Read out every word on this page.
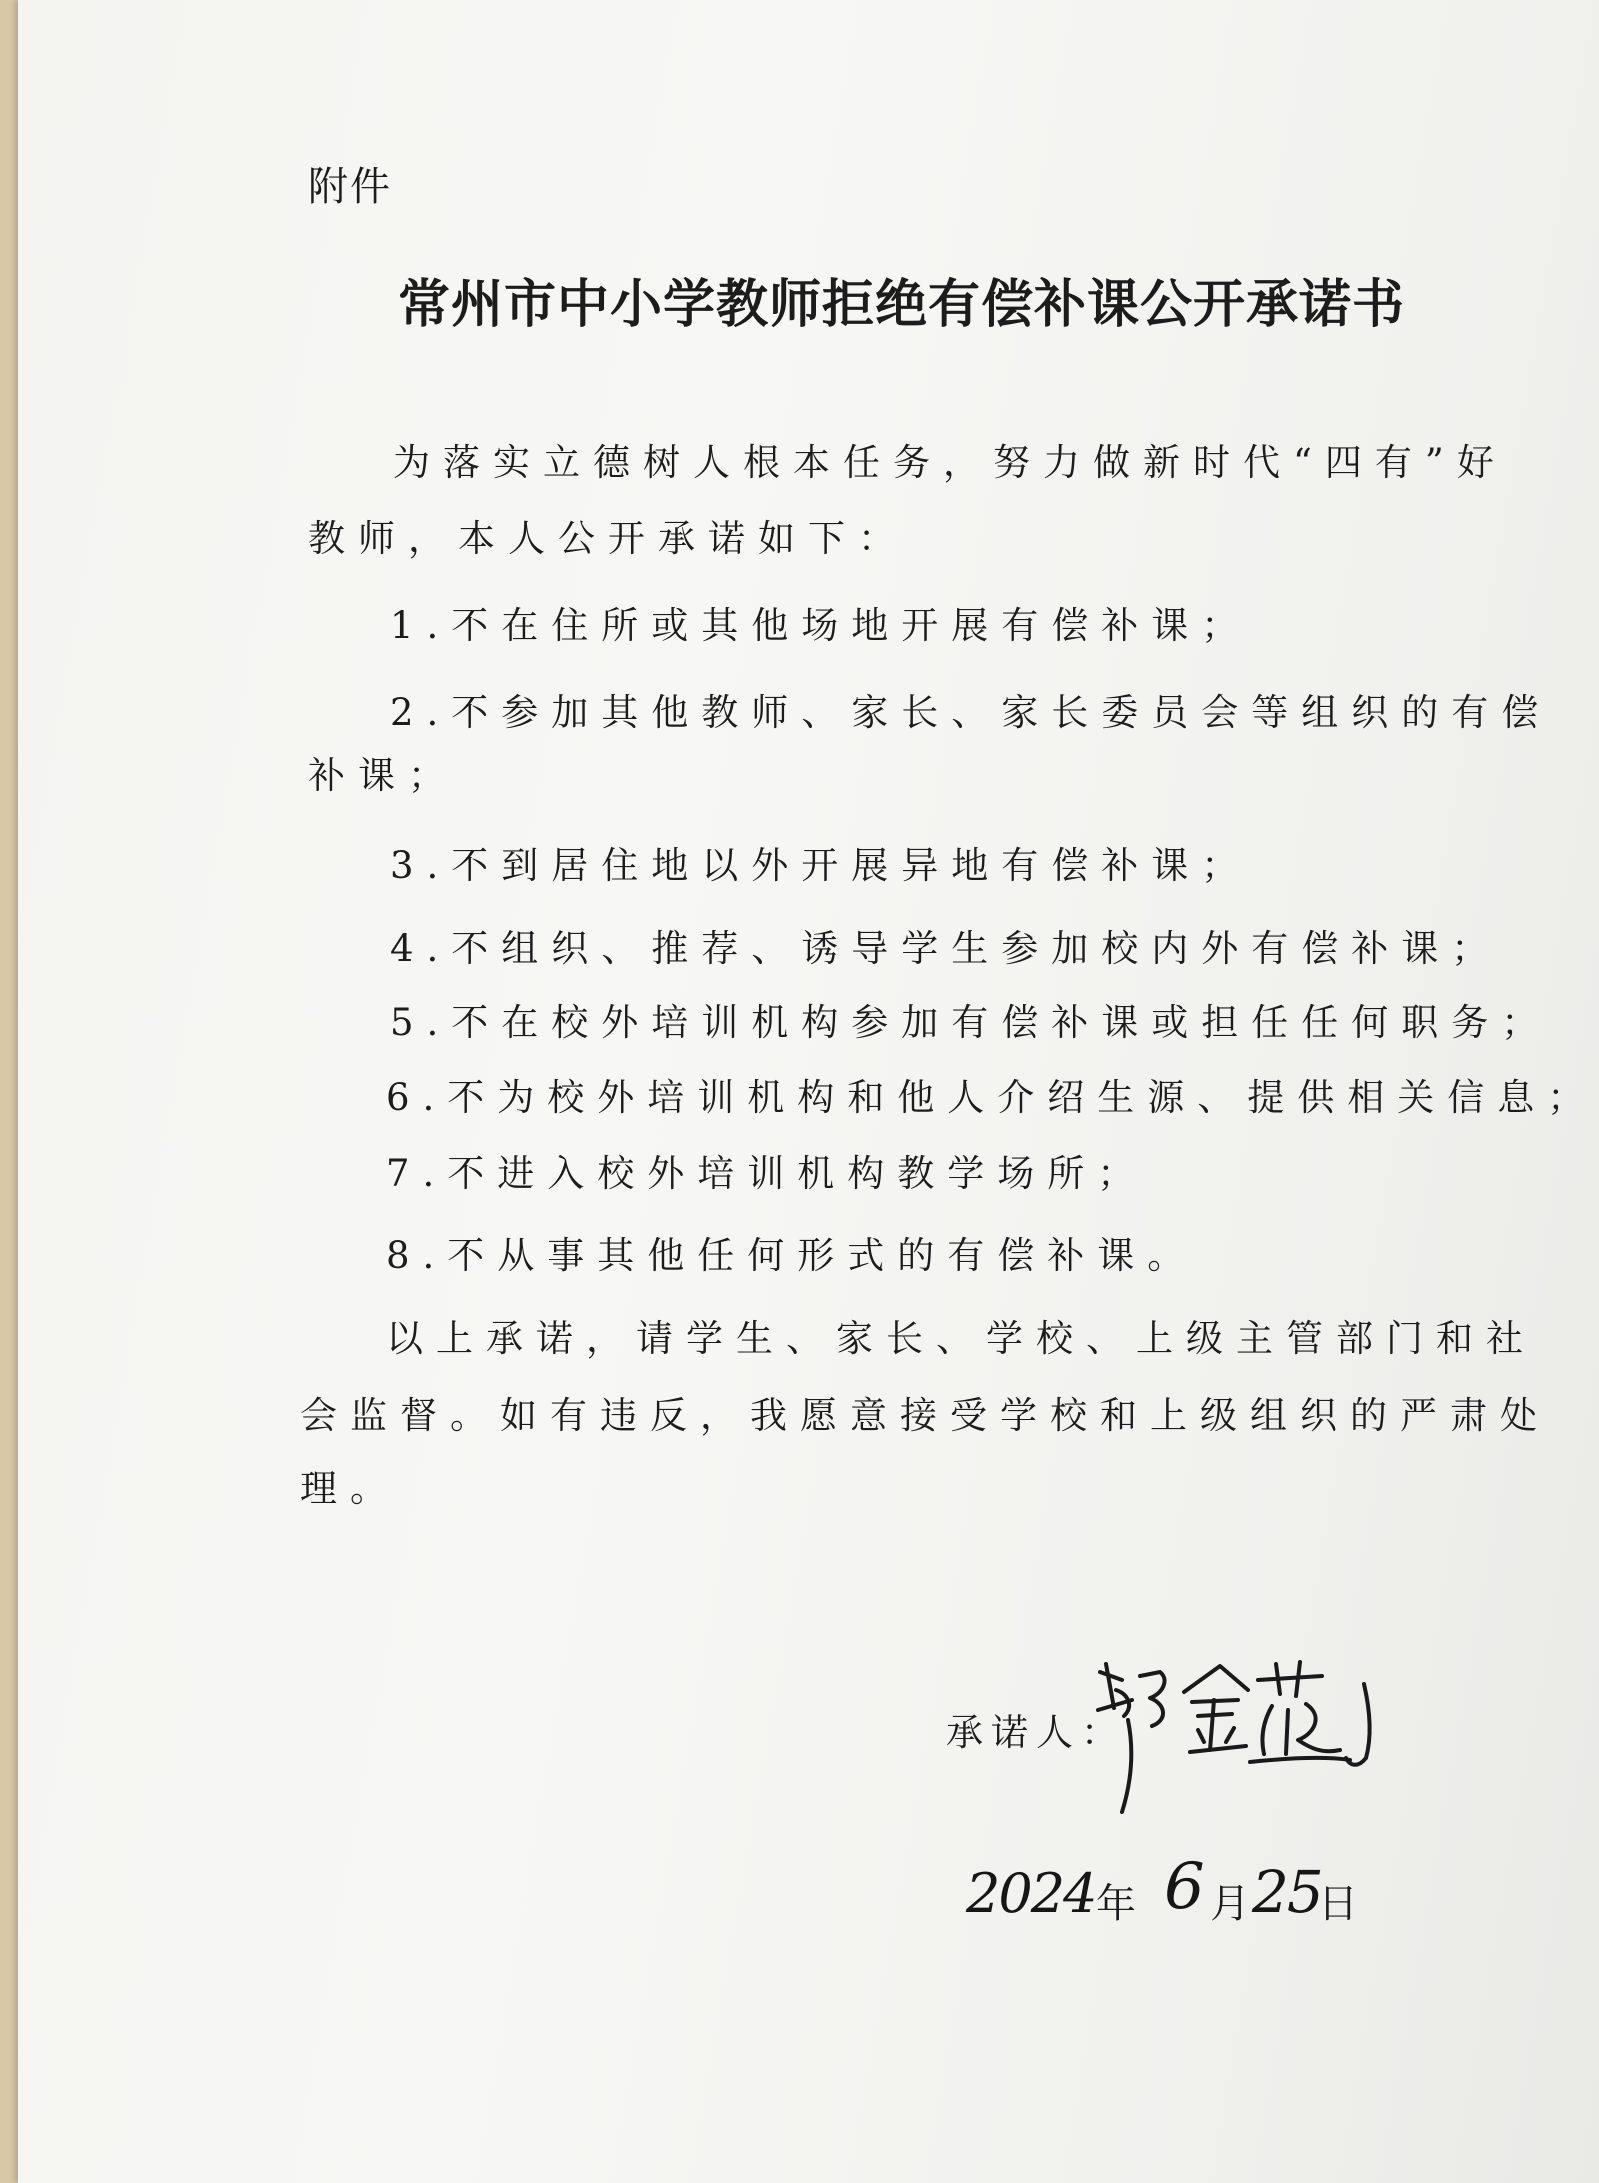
附件
常州市中小学教师拒绝有偿补课公开承诺书
为落实立德树人根本任务，努力做新时代“四有”好
教师，本人公开承诺如下：
1.不在住所或其他场地开展有偿补课；
2.不参加其他教师、家长、家长委员会等组织的有偿
补课；
3.不到居住地以外开展异地有偿补课；
4.不组织、推荐、诱导学生参加校内外有偿补课；
5.不在校外培训机构参加有偿补课或担任任何职务；
6.不为校外培训机构和他人介绍生源、提供相关信息；
7.不进入校外培训机构教学场所；
8.不从事其他任何形式的有偿补课。
以上承诺，请学生、家长、学校、上级主管部门和社
会监督。如有违反，我愿意接受学校和上级组织的严肃处
理。
承诺人：
2024 年 6 月 25
日
